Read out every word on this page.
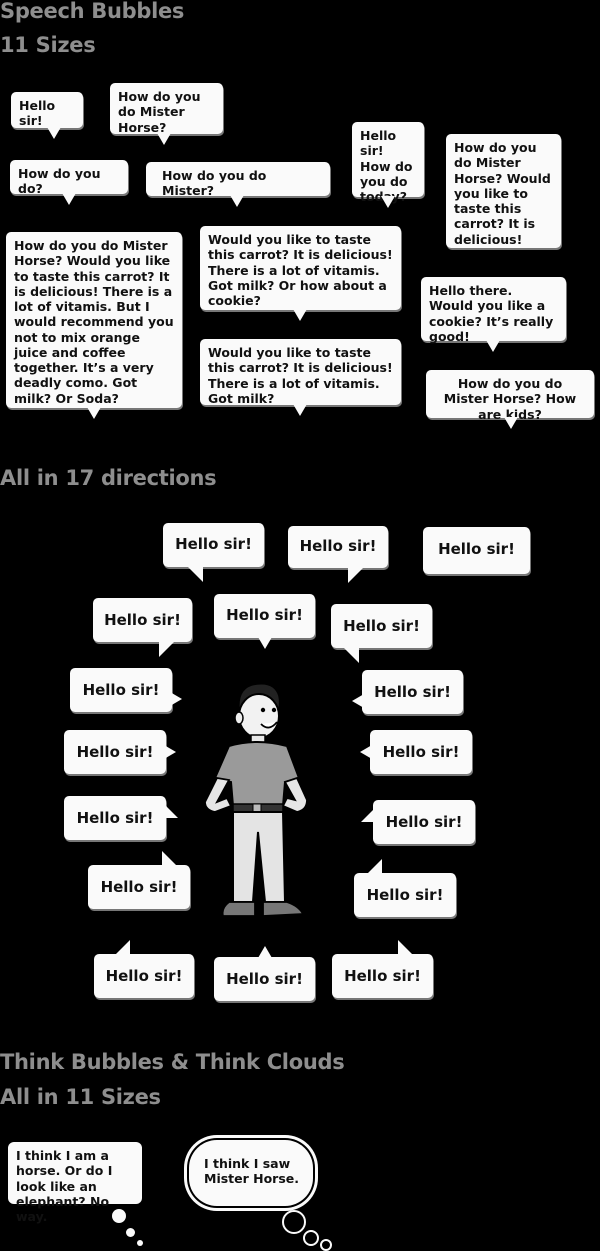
Speech Bubbles
11 Sizes
Hello sir!
How do you do Mister Horse?
How do you do?
How do you do Mister?
Hello sir! How do you do today?
How do you do Mister Horse? Would you like to taste this carrot? It is delicious!
How do you do Mister Horse? Would you like to taste this carrot? It is delicious! There is a lot of vitamis. But I would recommend you not to mix orange juice and coffee together. It’s a very deadly como. Got milk? Or Soda?
Would you like to taste this carrot? It is delicious! There is a lot of vitamis. Got milk? Or how about a cookie?
Hello there. Would you like a cookie? It’s really good!
Would you like to taste this carrot? It is delicious! There is a lot of vitamis. Got milk?
How do you do Mister Horse? How are kids?
All in 17 directions
Hello sir!	Hello sir!	Hello sir!
Hello sir!	Hello sir!
Hello sir!
Hello sir!
Hello sir!
Hello sir!
Hello sir!
Hello sir!
Hello sir!
Hello sir!
Hello sir!
Hello sir!	Hello sir!	Hello sir!
Think Bubbles & Think Clouds
All in 11 Sizes
I think I am a horse. Or do I look like an elephant? No way.
I think I saw Mister Horse.
